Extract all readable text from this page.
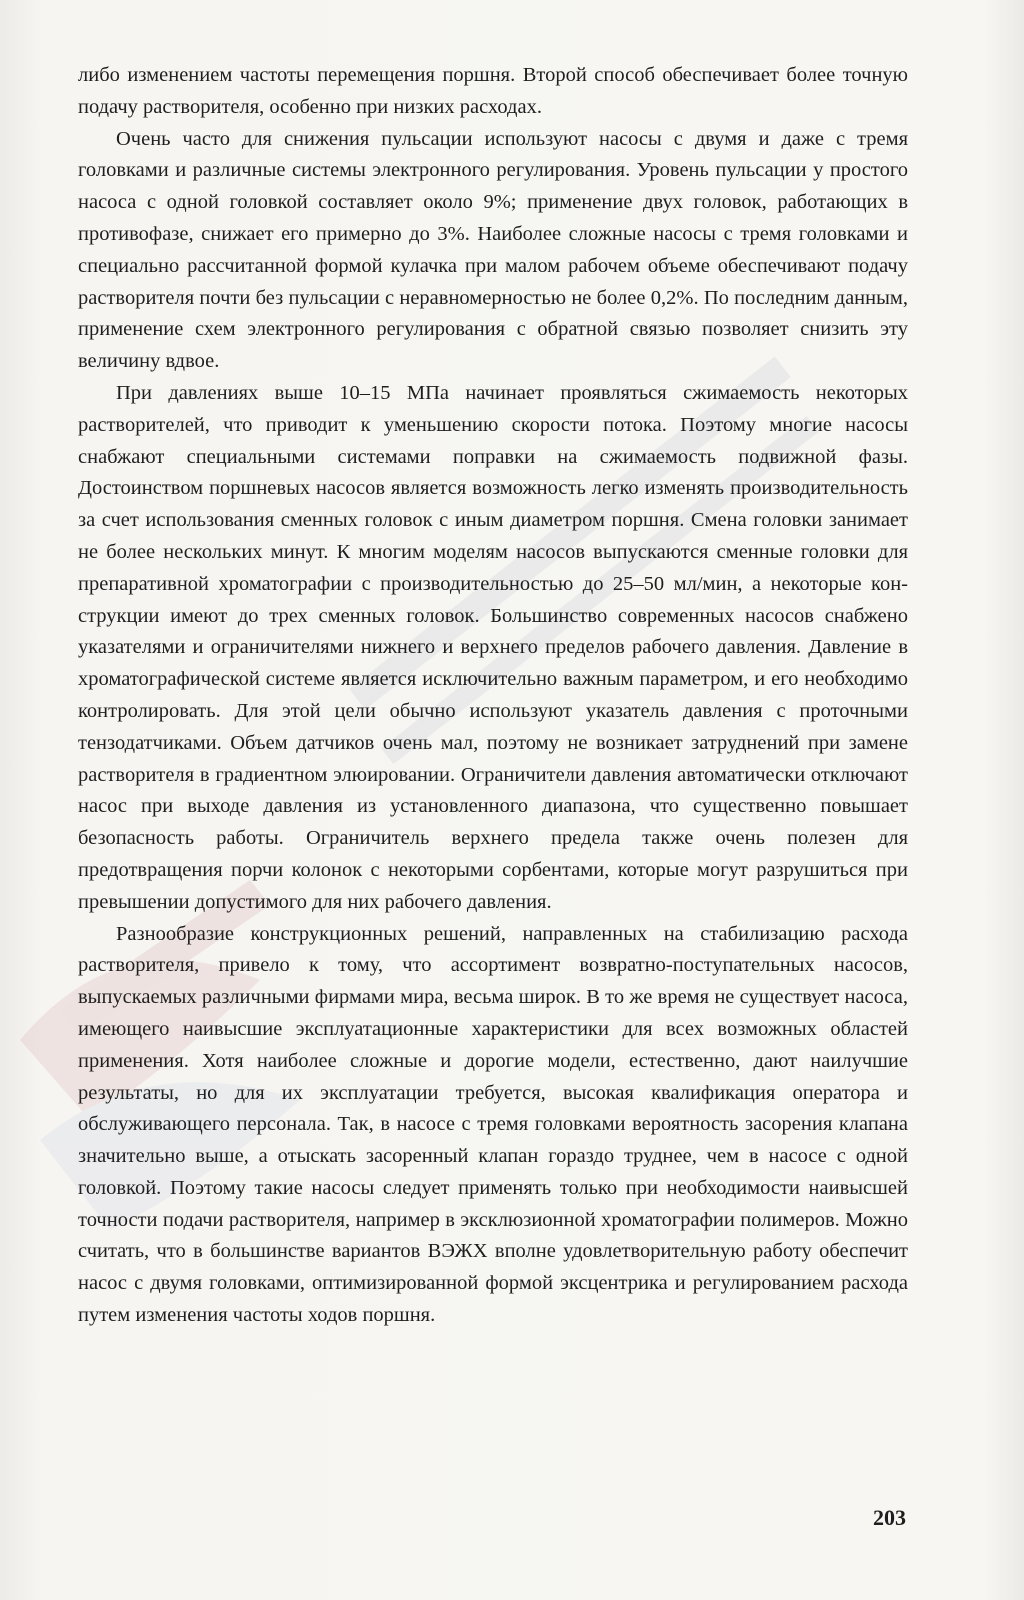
либо изменением частоты перемещения поршня. Второй способ обеспечивает более точную подачу растворителя, особенно при низких расходах.

Очень часто для снижения пульсации используют насосы с двумя и даже с тремя головками и различные системы электронного регулирования. Уровень пульсации у простого насоса с одной головкой составляет около 9%; применение двух головок, работающих в противофазе, снижает его примерно до 3%. Наиболее сложные насосы с тремя головками и специально рассчитанной формой кулачка при малом рабочем объеме обеспечивают подачу растворителя почти без пульсации с неравномерностью не более 0,2%. По последним данным, применение схем электронного регулирования с обратной связью позволяет снизить эту величину вдвое.

При давлениях выше 10–15 МПа начинает проявляться сжимаемость некоторых растворителей, что приводит к уменьшению скорости потока. Поэтому многие насосы снабжают специальными системами поправки на сжимаемость подвижной фазы. Достоинством поршневых насосов является возможность легко изменять производительность за счет использования сменных головок с иным диаметром поршня. Смена головки занимает не более нескольких минут. К многим моделям насосов выпускаются сменные головки для препаративной хроматографии с производительностью до 25–50 мл/мин, а некоторые конструкции имеют до трех сменных головок. Большинство современных насосов снабжено указателями и ограничителями нижнего и верхнего пределов рабочего давления. Давление в хроматографической системе является исключительно важным параметром, и его необходимо контролировать. Для этой цели обычно используют указатель давления с проточными тензодатчиками. Объем датчиков очень мал, поэтому не возникает затруднений при замене растворителя в градиентном элюировании. Ограничители давления автоматически отключают насос при выходе давления из установленного диапазона, что существенно повышает безопасность работы. Ограничитель верхнего предела также очень полезен для предотвращения порчи колонок с некоторыми сорбентами, которые могут разрушиться при превышении допустимого для них рабочего давления.

Разнообразие конструкционных решений, направленных на стабилизацию расхода растворителя, привело к тому, что ассортимент возвратно-поступательных насосов, выпускаемых различными фирмами мира, весьма широк. В то же время не существует насоса, имеющего наивысшие эксплуатационные характеристики для всех возможных областей применения. Хотя наиболее сложные и дорогие модели, естественно, дают наилучшие результаты, но для их эксплуатации требуется, высокая квалификация оператора и обслуживающего персонала. Так, в насосе с тремя головками вероятность засорения клапана значительно выше, а отыскать засоренный клапан гораздо труднее, чем в насосе с одной головкой. Поэтому такие насосы следует применять только при необходимости наивысшей точности подачи растворителя, например в эксклюзионной хроматографии полимеров. Можно считать, что в большинстве вариантов ВЭЖХ вполне удовлетворительную работу обеспечит насос с двумя головками, оптимизированной формой эксцентрика и регулированием расхода путем изменения частоты ходов поршня.

203
